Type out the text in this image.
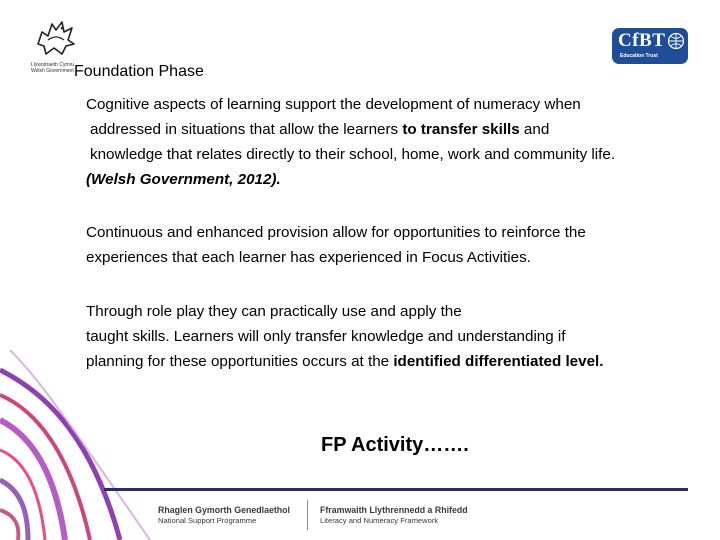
Llywodraeth Cymru
Welsh Government
CfBT
Education Trust
Foundation Phase
Cognitive aspects of learning support the development of numeracy when
addressed in situations that allow the learners to transfer skills and
knowledge that relates directly to their school, home, work and community life.
(Welsh Government, 2012).
Continuous and enhanced provision allow for opportunities to reinforce the
experiences that each learner has experienced in Focus Activities.
Through role play they can practically use and apply the
taught skills. Learners will only transfer knowledge and understanding if
planning for these opportunities occurs at the identified differentiated level.
FP Activity…….
Rhaglen Gymorth Genedlaethol
National Support Programme
Fframwaith Llythrennedd a Rhifedd
Literacy and Numeracy Framework
